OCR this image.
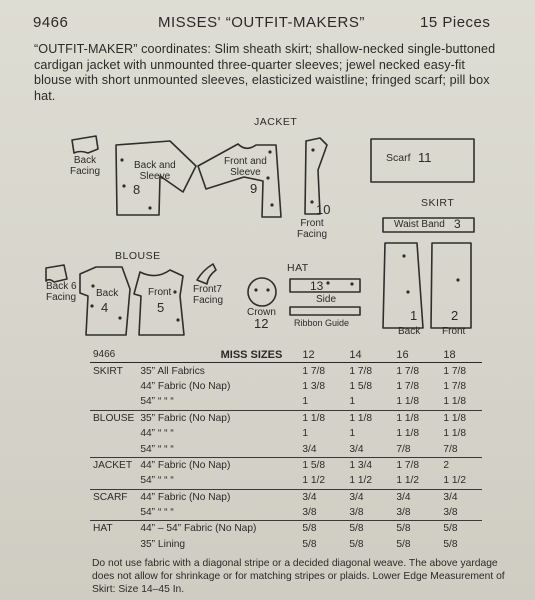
9466	MISSES' “OUTFIT-MAKERS”	15 Pieces
“OUTFIT-MAKER” coordinates: Slim sheath skirt; shallow-necked single-buttoned cardigan jacket with unmounted three-quarter sleeves; jewel necked easy-fit blouse with short unmounted sleeves, elasticized waistline; fringed scarf; pill box hat.
JACKET
SKIRT
BLOUSE
HAT
Back
Facing
Back and
Sleeve
8
Front and
Sleeve
9
Front
Facing
10
Scarf 11
Waist Band 3
1
Back
2
Front
Back 6
Facing Back
4
Front
5
Front7
Facing
Crown
12
13
Side
Ribbon Guide
9466	MISS SIZES	12	14	16	18
SKIRT	35” All Fabrics	1 7/8	1 7/8	1 7/8	1 7/8
	44” Fabric (No Nap)	1 3/8	1 5/8	1 7/8	1 7/8
	54” “ “ “	1	1	1 1/8	1 1/8
BLOUSE	35” Fabric (No Nap)	1 1/8	1 1/8	1 1/8	1 1/8
	44” “ “ “	1	1	1 1/8	1 1/8
	54” “ “ “	3/4	3/4	7/8	7/8
JACKET	44” Fabric (No Nap)	1 5/8	1 3/4	1 7/8	2
	54” “ “ “	1 1/2	1 1/2	1 1/2	1 1/2
SCARF	44” Fabric (No Nap)	3/4	3/4	3/4	3/4
	54” “ “ “	3/8	3/8	3/8	3/8
HAT	44” – 54” Fabric (No Nap)	5/8	5/8	5/8	5/8
	35” Lining	5/8	5/8	5/8	5/8
Do not use fabric with a diagonal stripe or a decided diagonal weave. The above yardage does not allow for shrinkage or for matching stripes or plaids. Lower Edge Measurement of Skirt: Size 14–45 In.
